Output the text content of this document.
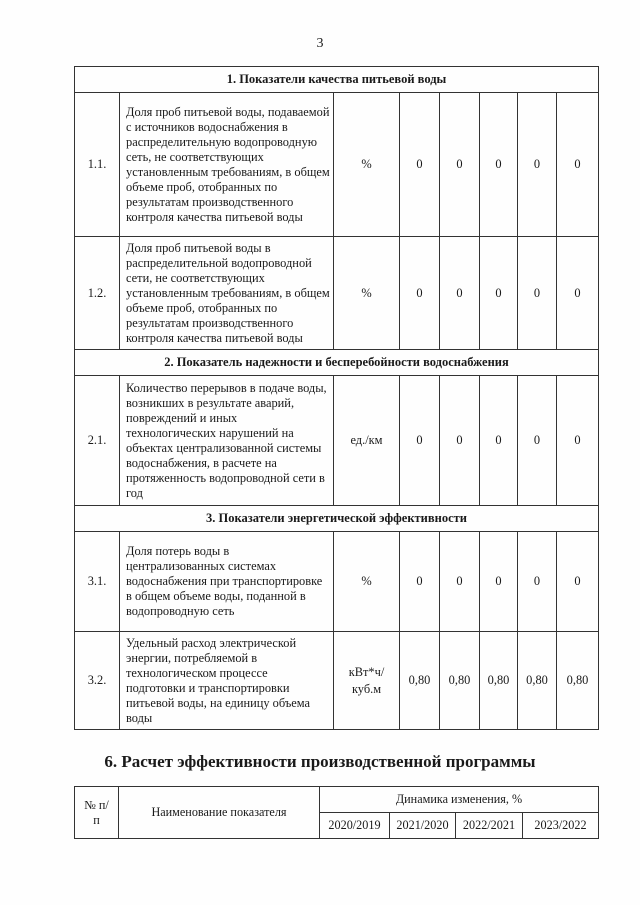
3
1. Показатели качества питьевой воды							
1.1.	Доля проб питьевой воды, подаваемой с источников водоснабжения в распределительную водопроводную сеть, не соответствующих установленным требованиям, в общем объеме проб, отобранных по результатам производственного контроля качества питьевой воды	%	0	0	0	0	0
1.2.	Доля проб питьевой воды в распределительной водопроводной сети, не соответствующих установленным требованиям, в общем объеме проб, отобранных по результатам производственного контроля качества питьевой воды	%	0	0	0	0	0
2. Показатель надежности и бесперебойности водоснабжения							
2.1.	Количество перерывов в подаче воды, возникших в результате аварий, повреждений и иных технологических нарушений на объектах централизованной системы водоснабжения, в расчете на протяженность водопроводной сети в год	ед./км	0	0	0	0	0
3. Показатели энергетической эффективности							
3.1.	Доля потерь воды в централизованных системах водоснабжения при транспортировке в общем объеме воды, поданной в водопроводную сеть	%	0	0	0	0	0
3.2.	Удельный расход электрической энергии, потребляемой в технологическом процессе подготовки и транспортировки питьевой воды, на единицу объема воды	кВт*ч/ куб.м	0,80	0,80	0,80	0,80	0,80
6. Расчет эффективности производственной программы
№ п/п	Наименование показателя	Динамика изменения, %			
		2020/2019	2021/2020	2022/2021	2023/2022
